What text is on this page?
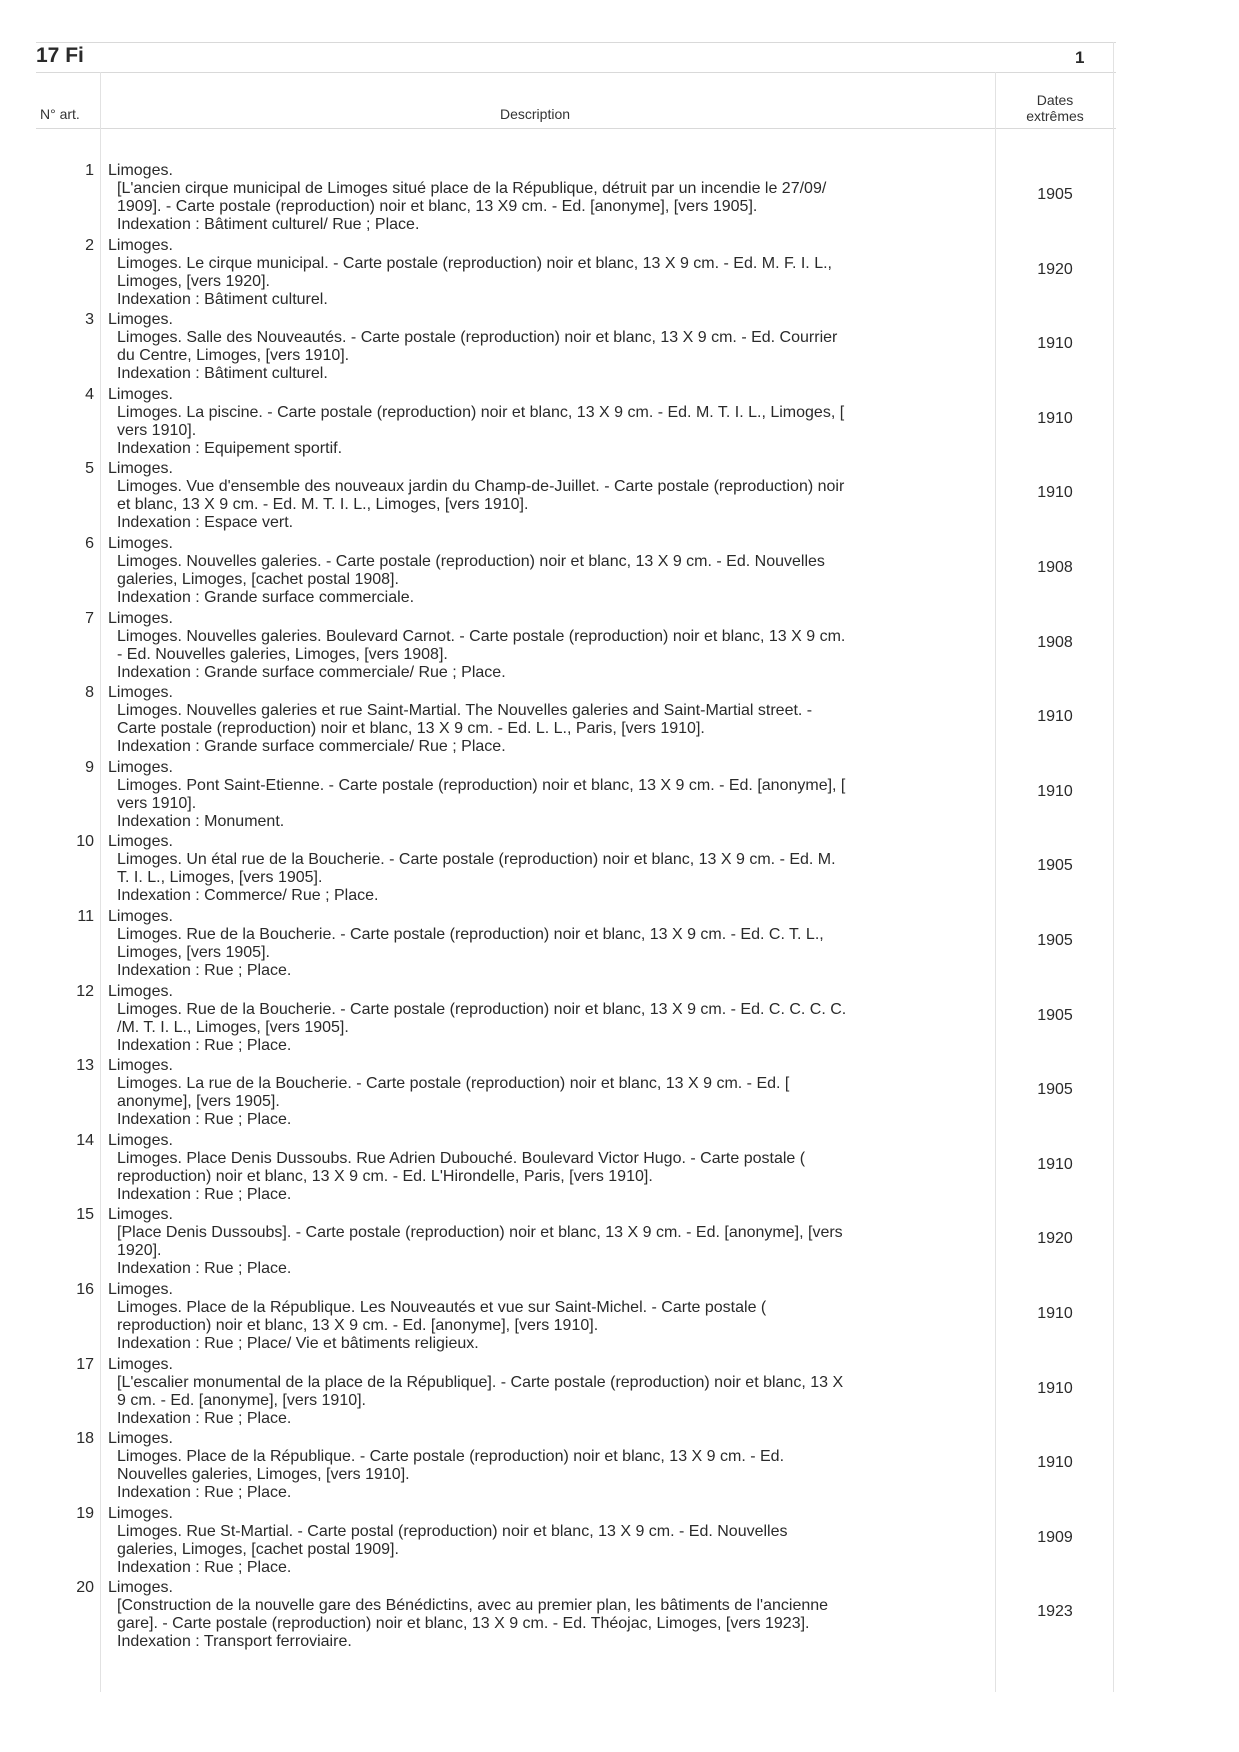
17 Fi	1
N° art.	Description
Dates
extrêmes
1 Limoges.
[L'ancien cirque municipal de Limoges situé place de la République, détruit par un incendie le 27/09/
1909]. - Carte postale (reproduction) noir et blanc, 13 X9 cm. - Ed. [anonyme], [vers 1905].
Indexation : Bâtiment culturel/ Rue ; Place.
1905
2 Limoges.
Limoges. Le cirque municipal. - Carte postale (reproduction) noir et blanc, 13 X 9 cm. - Ed. M. F. I. L.,
Limoges, [vers 1920].
Indexation : Bâtiment culturel.
1920
3 Limoges.
Limoges. Salle des Nouveautés. - Carte postale (reproduction) noir et blanc, 13 X 9 cm. - Ed. Courrier
du Centre, Limoges, [vers 1910].
Indexation : Bâtiment culturel.
1910
4 Limoges.
Limoges. La piscine. - Carte postale (reproduction) noir et blanc, 13 X 9 cm. - Ed. M. T. I. L., Limoges, [
vers 1910].
Indexation : Equipement sportif.
1910
5 Limoges.
Limoges. Vue d'ensemble des nouveaux jardin du Champ-de-Juillet. - Carte postale (reproduction) noir
et blanc, 13 X 9 cm. - Ed. M. T. I. L., Limoges, [vers 1910].
Indexation : Espace vert.
1910
6 Limoges.
Limoges. Nouvelles galeries. - Carte postale (reproduction) noir et blanc, 13 X 9 cm. - Ed. Nouvelles
galeries, Limoges, [cachet postal 1908].
Indexation : Grande surface commerciale.
1908
7 Limoges.
Limoges. Nouvelles galeries. Boulevard Carnot. - Carte postale (reproduction) noir et blanc, 13 X 9 cm.
- Ed. Nouvelles galeries, Limoges, [vers 1908].
Indexation : Grande surface commerciale/ Rue ; Place.
1908
8 Limoges.
Limoges. Nouvelles galeries et rue Saint-Martial. The Nouvelles galeries and Saint-Martial street. -
Carte postale (reproduction) noir et blanc, 13 X 9 cm. - Ed. L. L., Paris, [vers 1910].
Indexation : Grande surface commerciale/ Rue ; Place.
1910
9 Limoges.
Limoges. Pont Saint-Etienne. - Carte postale (reproduction) noir et blanc, 13 X 9 cm. - Ed. [anonyme], [
vers 1910].
Indexation : Monument.
1910
10 Limoges.
Limoges. Un étal rue de la Boucherie. - Carte postale (reproduction) noir et blanc, 13 X 9 cm. - Ed. M.
T. I. L., Limoges, [vers 1905].
Indexation : Commerce/ Rue ; Place.
1905
11 Limoges.
Limoges. Rue de la Boucherie. - Carte postale (reproduction) noir et blanc, 13 X 9 cm. - Ed. C. T. L.,
Limoges, [vers 1905].
Indexation : Rue ; Place.
1905
12 Limoges.
Limoges. Rue de la Boucherie. - Carte postale (reproduction) noir et blanc, 13 X 9 cm. - Ed. C. C. C. C.
/M. T. I. L., Limoges, [vers 1905].
Indexation : Rue ; Place.
1905
13 Limoges.
Limoges. La rue de la Boucherie. - Carte postale (reproduction) noir et blanc, 13 X 9 cm. - Ed. [
anonyme], [vers 1905].
Indexation : Rue ; Place.
1905
14 Limoges.
Limoges. Place Denis Dussoubs. Rue Adrien Dubouché. Boulevard Victor Hugo. - Carte postale (
reproduction) noir et blanc, 13 X 9 cm. - Ed. L'Hirondelle, Paris, [vers 1910].
Indexation : Rue ; Place.
1910
15 Limoges.
[Place Denis Dussoubs]. - Carte postale (reproduction) noir et blanc, 13 X 9 cm. - Ed. [anonyme], [vers
1920].
Indexation : Rue ; Place.
1920
16 Limoges.
Limoges. Place de la République. Les Nouveautés et vue sur Saint-Michel. - Carte postale (
reproduction) noir et blanc, 13 X 9 cm. - Ed. [anonyme], [vers 1910].
Indexation : Rue ; Place/ Vie et bâtiments religieux.
1910
17 Limoges.
[L'escalier monumental de la place de la République]. - Carte postale (reproduction) noir et blanc, 13 X
9 cm. - Ed. [anonyme], [vers 1910].
Indexation : Rue ; Place.
1910
18 Limoges.
Limoges. Place de la République. - Carte postale (reproduction) noir et blanc, 13 X 9 cm. - Ed.
Nouvelles galeries, Limoges, [vers 1910].
Indexation : Rue ; Place.
1910
19 Limoges.
Limoges. Rue St-Martial. - Carte postal (reproduction) noir et blanc, 13 X 9 cm. - Ed. Nouvelles
galeries, Limoges, [cachet postal 1909].
Indexation : Rue ; Place.
1909
20 Limoges.
[Construction de la nouvelle gare des Bénédictins, avec au premier plan, les bâtiments de l'ancienne
gare]. - Carte postale (reproduction) noir et blanc, 13 X 9 cm. - Ed. Théojac, Limoges, [vers 1923].
Indexation : Transport ferroviaire.
1923
